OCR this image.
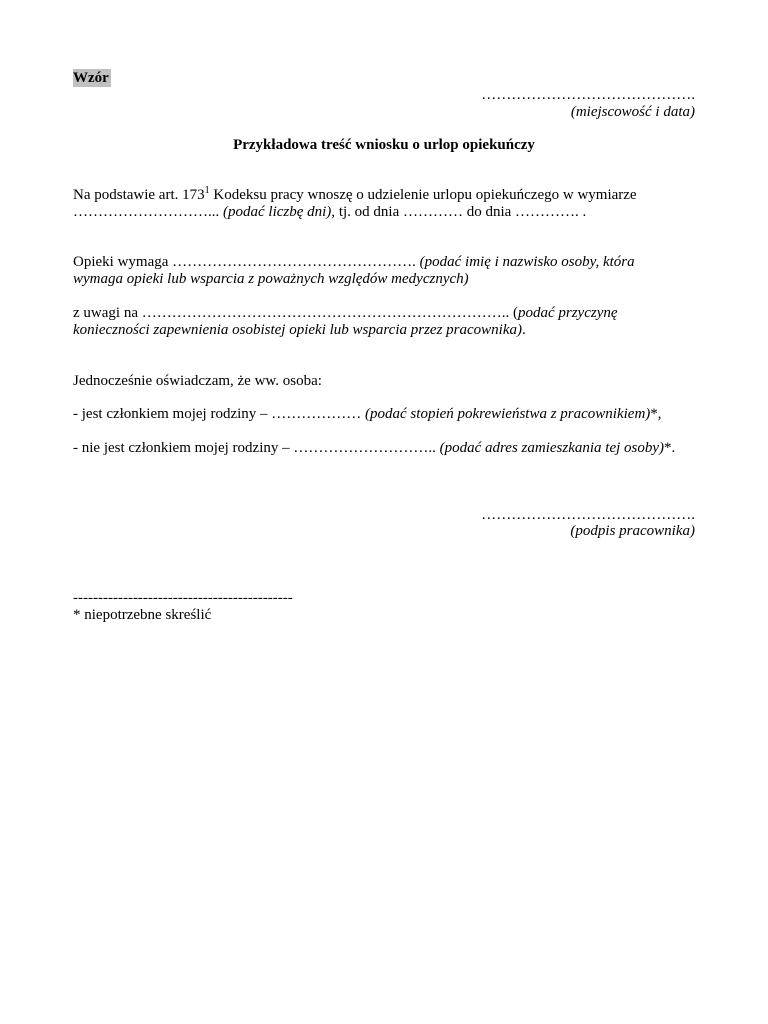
Wzór
…………………………………….
(miejscowość i data)
Przykładowa treść wniosku o urlop opiekuńczy
Na podstawie art. $173^1$ Kodeksu pracy wnoszę o udzielenie urlopu opiekuńczego w wymiarze
………………………... (podać liczbę dni), tj. od dnia ………… do dnia …………. .
Opieki wymaga …………………………………………. (podać imię i nazwisko osoby, która
wymaga opieki lub wsparcia z poważnych względów medycznych)
z uwagi na ……………………………………………………………….. (podać przyczynę
konieczności zapewnienia osobistej opieki lub wsparcia przez pracownika).
Jednocześnie oświadczam, że ww. osoba:
- jest członkiem mojej rodziny – ……………… (podać stopień pokrewieństwa z pracownikiem)*,
- nie jest członkiem mojej rodziny – ……………………….. (podać adres zamieszkania tej osoby)*.
…………………………………….
(podpis pracownika)
--------------------------------------------
* niepotrzebne skreślić
